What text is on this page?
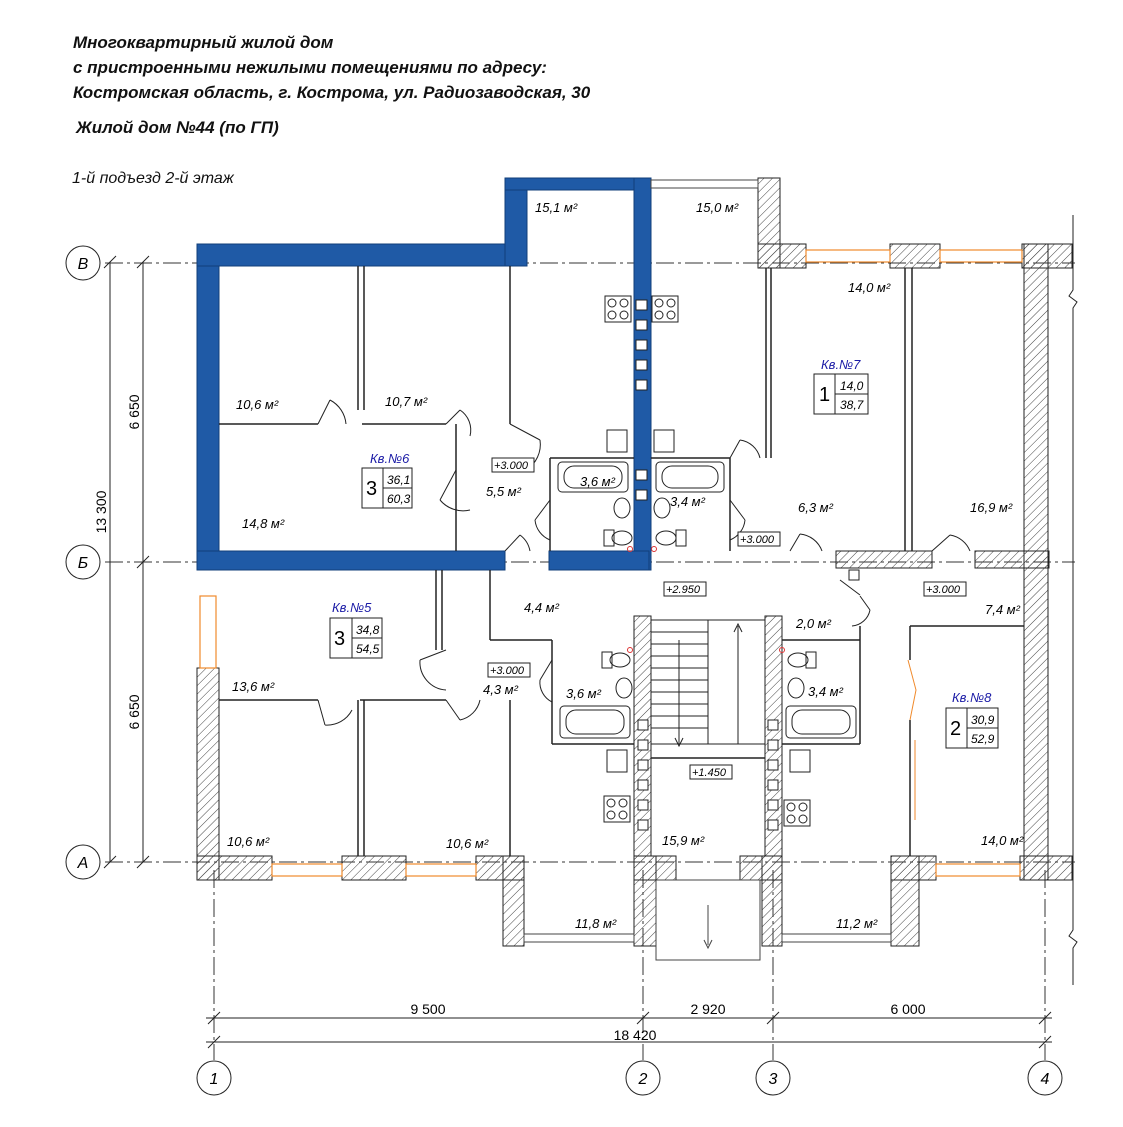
Многоквартирный жилой дом
с пристроенными нежилыми помещениями по адресу:
Костромская область, г. Кострома, ул. Радиозаводская, 30
Жилой дом №44 (по ГП)
1-й подъезд 2-й этаж
6 650
6 650
13 300
9 500	2 920	6 000
18 420
В
Б
А
1	2	3	4
15,1 м²	15,0 м²
14,0 м²
10,6 м²	10,7 м²
14,8 м²
5,5 м²
3,6 м²
3,4 м²	6,3 м²	16,9 м²
4,4 м²
2,0 м²
7,4 м²
13,6 м²	3,6 м²
4,3 м²	3,4 м²
10,6 м²	10,6 м²	15,9 м²	14,0 м²
11,8 м²	11,2 м²
+3.000
+3.000
+2.950	+3.000
+3.000
+1.450
Кв.№6
3 36,1
60,3
Кв.№7
1 14,0
38,7
Кв.№5
3 34,8
54,5
Кв.№8
2 30,9
52,9
